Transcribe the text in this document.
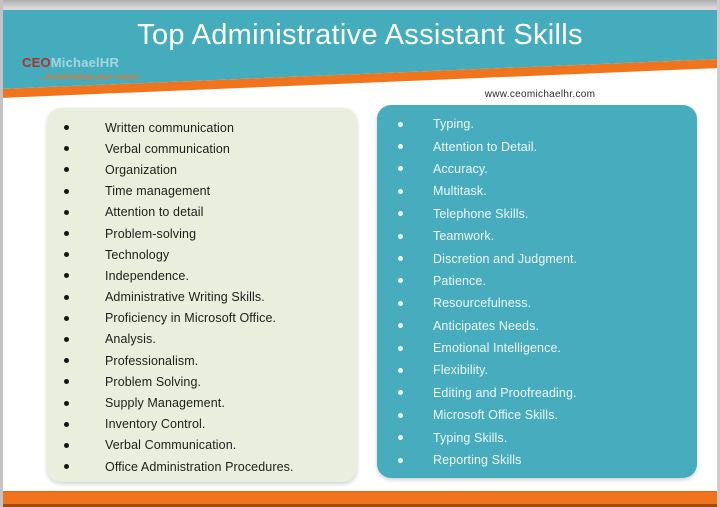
Top Administrative Assistant Skills
CEOMichaelHR
...Accelerating your career
www.ceomichaelhr.com
Written communication
Verbal communication
Organization
Time management
Attention to detail
Problem-solving
Technology
Independence.
Administrative Writing Skills.
Proficiency in Microsoft Office.
Analysis.
Professionalism.
Problem Solving.
Supply Management.
Inventory Control.
Verbal Communication.
Office Administration Procedures.
Typing.
Attention to Detail.
Accuracy.
Multitask.
Telephone Skills.
Teamwork.
Discretion and Judgment.
Patience.
Resourcefulness.
Anticipates Needs.
Emotional Intelligence.
Flexibility.
Editing and Proofreading.
Microsoft Office Skills.
Typing Skills.
Reporting Skills
